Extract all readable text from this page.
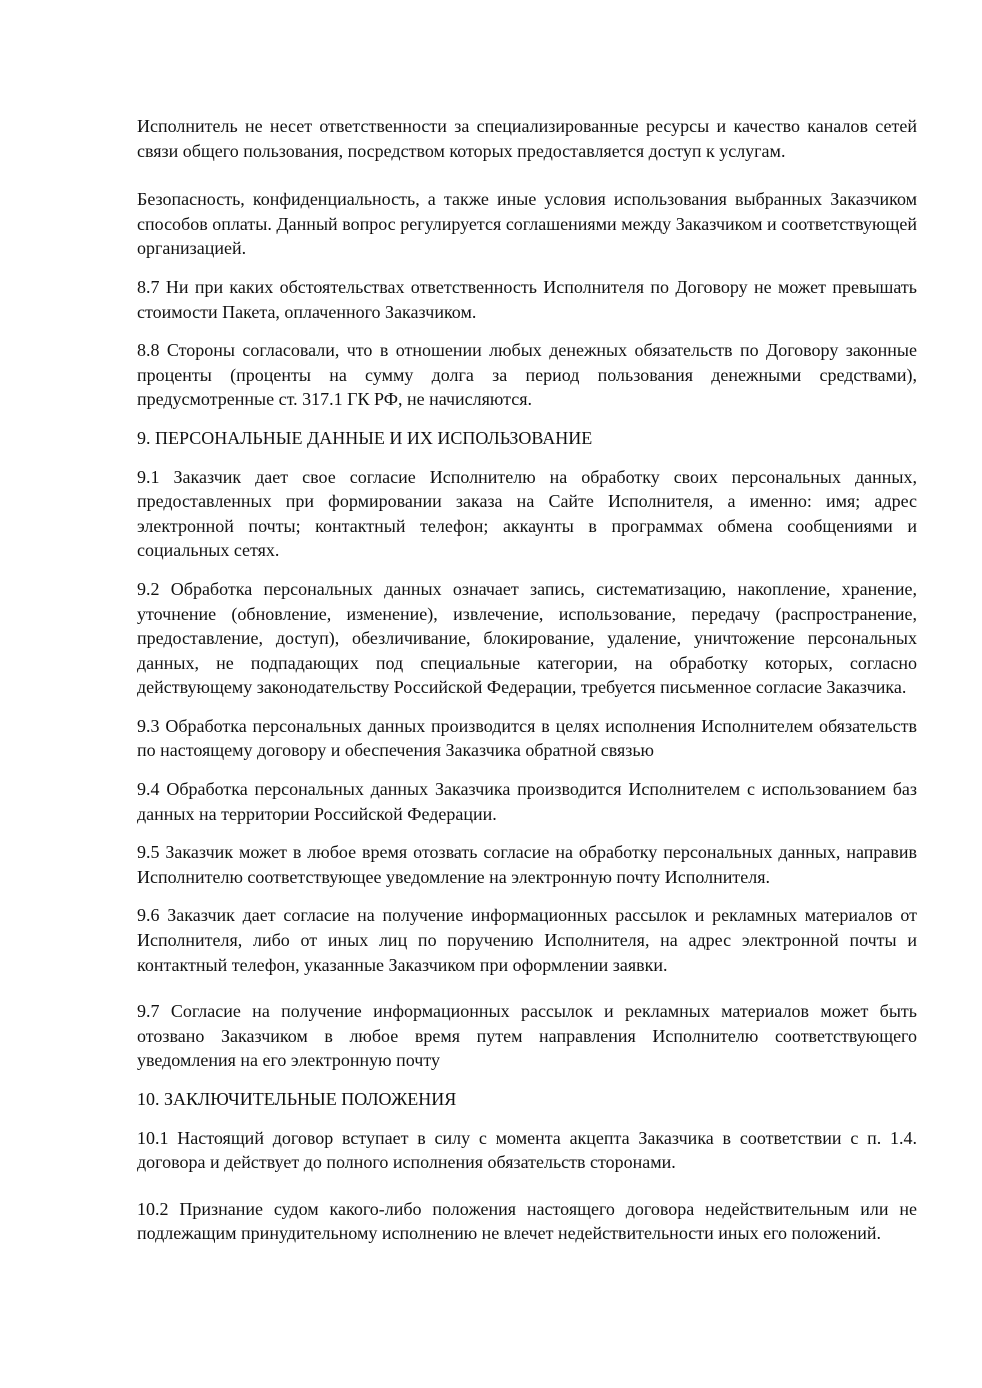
Исполнитель не несет ответственности за специализированные ресурсы и качество каналов сетей связи общего пользования, посредством которых предоставляется доступ к услугам.

Безопасность, конфиденциальность, а также иные условия использования выбранных Заказчиком способов оплаты. Данный вопрос регулируется соглашениями между Заказчиком и соответствующей организацией.

8.7 Ни при каких обстоятельствах ответственность Исполнителя по Договору не может превышать стоимости Пакета, оплаченного Заказчиком.

8.8 Стороны согласовали, что в отношении любых денежных обязательств по Договору законные проценты (проценты на сумму долга за период пользования денежными средствами), предусмотренные ст. 317.1 ГК РФ, не начисляются.

9. ПЕРСОНАЛЬНЫЕ ДАННЫЕ И ИХ ИСПОЛЬЗОВАНИЕ

9.1 Заказчик дает свое согласие Исполнителю на обработку своих персональных данных, предоставленных при формировании заказа на Сайте Исполнителя, а именно: имя; адрес электронной почты; контактный телефон; аккаунты в программах обмена сообщениями и социальных сетях.

9.2 Обработка персональных данных означает запись, систематизацию, накопление, хранение, уточнение (обновление, изменение), извлечение, использование, передачу (распространение, предоставление, доступ), обезличивание, блокирование, удаление, уничтожение персональных данных, не подпадающих под специальные категории, на обработку которых, согласно действующему законодательству Российской Федерации, требуется письменное согласие Заказчика.

9.3 Обработка персональных данных производится в целях исполнения Исполнителем обязательств по настоящему договору и обеспечения Заказчика обратной связью

9.4 Обработка персональных данных Заказчика производится Исполнителем с использованием баз данных на территории Российской Федерации.

9.5 Заказчик может в любое время отозвать согласие на обработку персональных данных, направив Исполнителю соответствующее уведомление на электронную почту Исполнителя.

9.6 Заказчик дает согласие на получение информационных рассылок и рекламных материалов от Исполнителя, либо от иных лиц по поручению Исполнителя, на адрес электронной почты и контактный телефон, указанные Заказчиком при оформлении заявки.

9.7 Согласие на получение информационных рассылок и рекламных материалов может быть отозвано Заказчиком в любое время путем направления Исполнителю соответствующего уведомления на его электронную почту

10. ЗАКЛЮЧИТЕЛЬНЫЕ ПОЛОЖЕНИЯ

10.1 Настоящий договор вступает в силу с момента акцепта Заказчика в соответствии с п. 1.4. договора и действует до полного исполнения обязательств сторонами.

10.2 Признание судом какого-либо положения настоящего договора недействительным или не подлежащим принудительному исполнению не влечет недействительности иных его положений.
